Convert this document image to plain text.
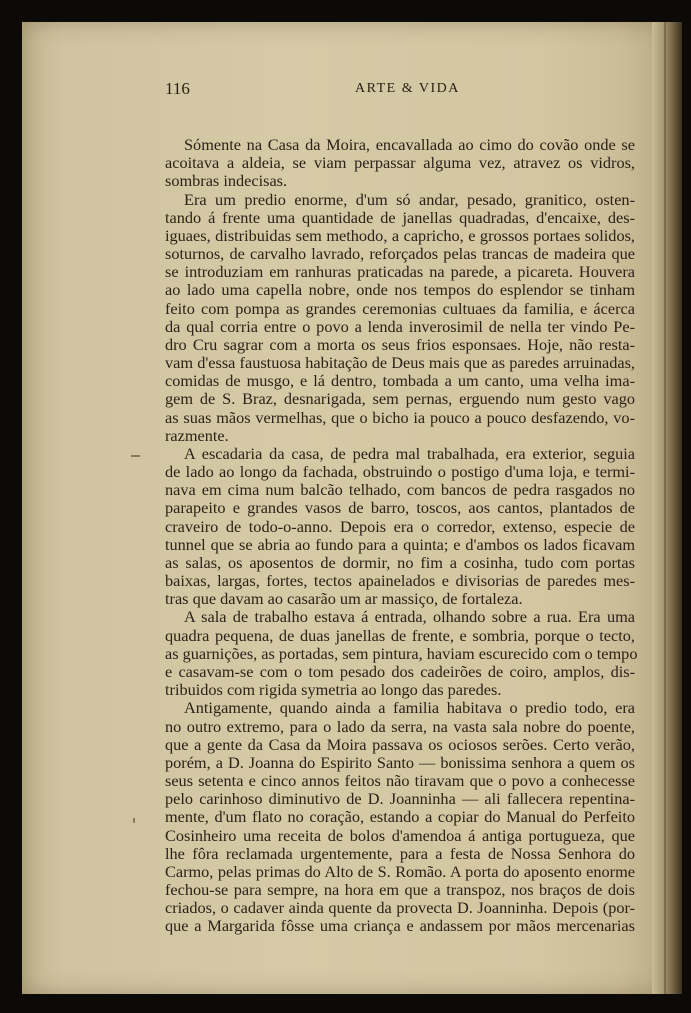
116	ARTE & VIDA
Sómente na Casa da Moira, encavallada ao cimo do covão onde se
acoitava a aldeia, se viam perpassar alguma vez, atravez os vidros,
sombras indecisas.
Era um predio enorme, d'um só andar, pesado, granitico, osten-
tando á frente uma quantidade de janellas quadradas, d'encaixe, des-
iguaes, distribuidas sem methodo, a capricho, e grossos portaes solidos,
soturnos, de carvalho lavrado, reforçados pelas trancas de madeira que
se introduziam em ranhuras praticadas na parede, a picareta. Houvera
ao lado uma capella nobre, onde nos tempos do esplendor se tinham
feito com pompa as grandes ceremonias cultuaes da familia, e ácerca
da qual corria entre o povo a lenda inverosimil de nella ter vindo Pe-
dro Cru sagrar com a morta os seus frios esponsaes. Hoje, não resta-
vam d'essa faustuosa habitação de Deus mais que as paredes arruinadas,
comidas de musgo, e lá dentro, tombada a um canto, uma velha ima-
gem de S. Braz, desnarigada, sem pernas, erguendo num gesto vago
as suas mãos vermelhas, que o bicho ia pouco a pouco desfazendo, vo-
razmente.
A escadaria da casa, de pedra mal trabalhada, era exterior, seguia
de lado ao longo da fachada, obstruindo o postigo d'uma loja, e termi-
nava em cima num balcão telhado, com bancos de pedra rasgados no
parapeito e grandes vasos de barro, toscos, aos cantos, plantados de
craveiro de todo-o-anno. Depois era o corredor, extenso, especie de
tunnel que se abria ao fundo para a quinta; e d'ambos os lados ficavam
as salas, os aposentos de dormir, no fim a cosinha, tudo com portas
baixas, largas, fortes, tectos apainelados e divisorias de paredes mes-
tras que davam ao casarão um ar massiço, de fortaleza.
A sala de trabalho estava á entrada, olhando sobre a rua. Era uma
quadra pequena, de duas janellas de frente, e sombria, porque o tecto,
as guarnições, as portadas, sem pintura, haviam escurecido com o tempo
e casavam-se com o tom pesado dos cadeirões de coiro, amplos, dis-
tribuidos com rigida symetria ao longo das paredes.
Antigamente, quando ainda a familia habitava o predio todo, era
no outro extremo, para o lado da serra, na vasta sala nobre do poente,
que a gente da Casa da Moira passava os ociosos serões. Certo verão,
porém, a D. Joanna do Espirito Santo — bonissima senhora a quem os
seus setenta e cinco annos feitos não tiravam que o povo a conhecesse
pelo carinhoso diminutivo de D. Joanninha — ali fallecera repentina-
mente, d'um flato no coração, estando a copiar do Manual do Perfeito
Cosinheiro uma receita de bolos d'amendoa á antiga portugueza, que
lhe fôra reclamada urgentemente, para a festa de Nossa Senhora do
Carmo, pelas primas do Alto de S. Romão. A porta do aposento enorme
fechou-se para sempre, na hora em que a transpoz, nos braços de dois
criados, o cadaver ainda quente da provecta D. Joanninha. Depois (por-
que a Margarida fôsse uma criança e andassem por mãos mercenarias
